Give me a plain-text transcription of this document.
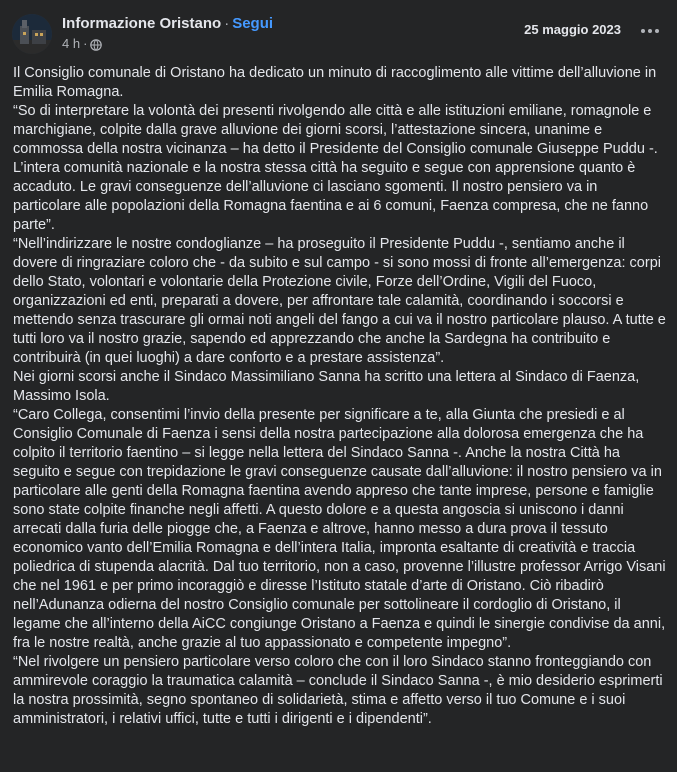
Informazione Oristano · Segui
4 h ·
25 maggio 2023

Il Consiglio comunale di Oristano ha dedicato un minuto di raccoglimento alle vittime dell’alluvione in Emilia Romagna.

“So di interpretare la volontà dei presenti rivolgendo alle città e alle istituzioni emiliane, romagnole e marchigiane, colpite dalla grave alluvione dei giorni scorsi, l’attestazione sincera, unanime e commossa della nostra vicinanza – ha detto il Presidente del Consiglio comunale Giuseppe Puddu -. L’intera comunità nazionale e la nostra stessa città ha seguito e segue con apprensione quanto è accaduto. Le gravi conseguenze dell’alluvione ci lasciano sgomenti. Il nostro pensiero va in particolare alle popolazioni della Romagna faentina e ai 6 comuni, Faenza compresa, che ne fanno parte”.

“Nell’indirizzare le nostre condoglianze – ha proseguito il Presidente Puddu -, sentiamo anche il dovere di ringraziare coloro che - da subito e sul campo - si sono mossi di fronte all’emergenza: corpi dello Stato, volontari e volontarie della Protezione civile, Forze dell’Ordine, Vigili del Fuoco, organizzazioni ed enti, preparati a dovere, per affrontare tale calamità, coordinando i soccorsi e mettendo senza trascurare gli ormai noti angeli del fango a cui va il nostro particolare plauso. A tutte e tutti loro va il nostro grazie, sapendo ed apprezzando che anche la Sardegna ha contribuito e contribuirà (in quei luoghi) a dare conforto e a prestare assistenza”.

Nei giorni scorsi anche il Sindaco Massimiliano Sanna ha scritto una lettera al Sindaco di Faenza, Massimo Isola.

“Caro Collega, consentimi l’invio della presente per significare a te, alla Giunta che presiedi e al Consiglio Comunale di Faenza i sensi della nostra partecipazione alla dolorosa emergenza che ha colpito il territorio faentino – si legge nella lettera del Sindaco Sanna -. Anche la nostra Città ha seguito e segue con trepidazione le gravi conseguenze causate dall’alluvione: il nostro pensiero va in particolare alle genti della Romagna faentina avendo appreso che tante imprese, persone e famiglie sono state colpite finanche negli affetti. A questo dolore e a questa angoscia si uniscono i danni arrecati dalla furia delle piogge che, a Faenza e altrove, hanno messo a dura prova il tessuto economico vanto dell’Emilia Romagna e dell’intera Italia, impronta esaltante di creatività e traccia poliedrica di stupenda alacrità. Dal tuo territorio, non a caso, provenne l’illustre professor Arrigo Visani che nel 1961 e per primo incoraggiò e diresse l’Istituto statale d’arte di Oristano. Ciò ribadirò nell’Adunanza odierna del nostro Consiglio comunale per sottolineare il cordoglio di Oristano, il legame che all’interno della AiCC congiunge Oristano a Faenza e quindi le sinergie condivise da anni, fra le nostre realtà, anche grazie al tuo appassionato e competente impegno”.

“Nel rivolgere un pensiero particolare verso coloro che con il loro Sindaco stanno fronteggiando con ammirevole coraggio la traumatica calamità – conclude il Sindaco Sanna -, è mio desiderio esprimerti la nostra prossimità, segno spontaneo di solidarietà, stima e affetto verso il tuo Comune e i suoi amministratori, i relativi uffici, tutte e tutti i dirigenti e i dipendenti”.
